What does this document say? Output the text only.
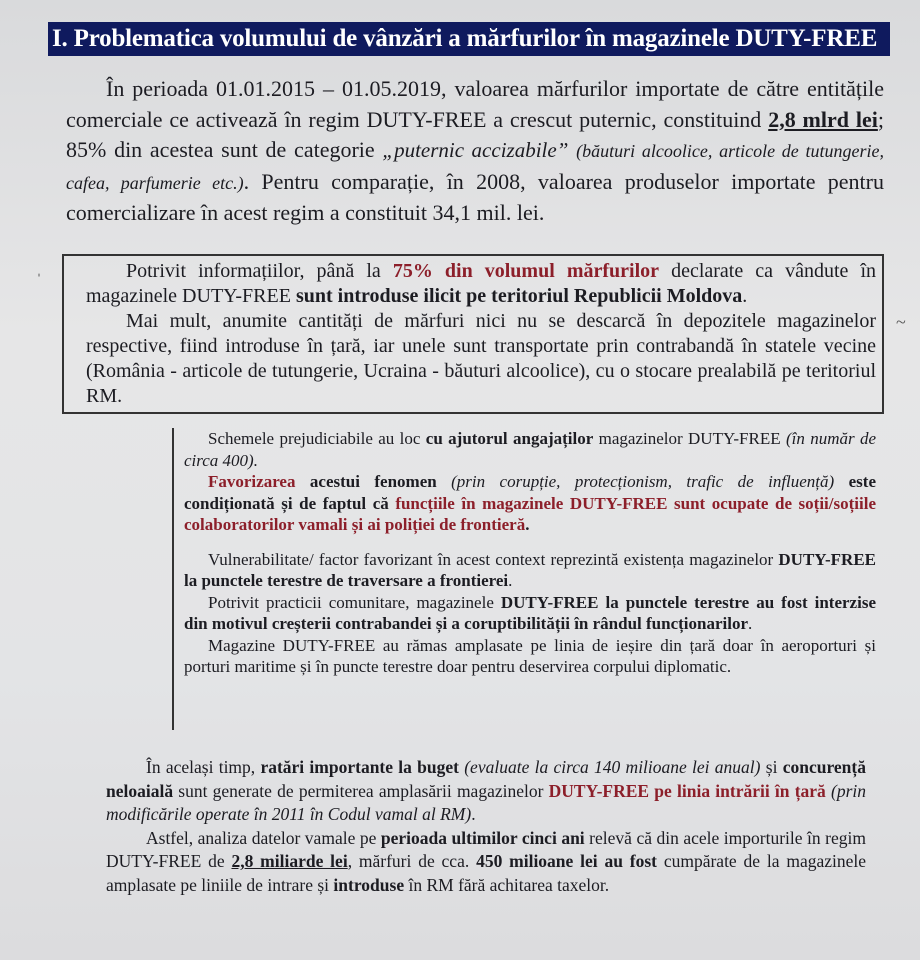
I. Problematica volumului de vânzări a mărfurilor în magazinele DUTY-FREE
În perioada 01.01.2015 – 01.05.2019, valoarea mărfurilor importate de către entitățile comerciale ce activează în regim DUTY-FREE a crescut puternic, constituind 2,8 mlrd lei; 85% din acestea sunt de categorie „puternic accizabile” (băuturi alcoolice, articole de tutungerie, cafea, parfumerie etc.). Pentru comparație, în 2008, valoarea produselor importate pentru comercializare în acest regim a constituit 34,1 mil. lei.
ˈ
~

Potrivit informațiilor, până la 75% din volumul mărfurilor declarate ca vândute în magazinele DUTY-FREE sunt introduse ilicit pe teritoriul Republicii Moldova.

Mai mult, anumite cantități de mărfuri nici nu se descarcă în depozitele magazinelor respective, fiind introduse în țară, iar unele sunt transportate prin contrabandă în statele vecine (România - articole de tutungerie, Ucraina - băuturi alcoolice), cu o stocare prealabilă pe teritoriul RM.

Schemele prejudiciabile au loc cu ajutorul angajaților magazinelor DUTY-FREE (în număr de circa 400).

Favorizarea acestui fenomen (prin corupție, protecționism, trafic de influență) este condiționată și de faptul că funcțiile în magazinele DUTY-FREE sunt ocupate de soții/soțiile colaboratorilor vamali și ai poliției de frontieră.

Vulnerabilitate/ factor favorizant în acest context reprezintă existența magazinelor DUTY-FREE la punctele terestre de traversare a frontierei.

Potrivit practicii comunitare, magazinele DUTY-FREE la punctele terestre au fost interzise din motivul creșterii contrabandei și a coruptibilității în rândul funcționarilor.

Magazine DUTY-FREE au rămas amplasate pe linia de ieșire din țară doar în aeroporturi și porturi maritime și în puncte terestre doar pentru deservirea corpului diplomatic.

În același timp, ratări importante la buget (evaluate la circa 140 milioane lei anual) și concurență neloaială sunt generate de permiterea amplasării magazinelor DUTY-FREE pe linia intrării în țară (prin modificările operate în 2011 în Codul vamal al RM).

Astfel, analiza datelor vamale pe perioada ultimilor cinci ani relevă că din acele importurile în regim DUTY-FREE de 2,8 miliarde lei, mărfuri de cca. 450 milioane lei au fost cumpărate de la magazinele amplasate pe liniile de intrare și introduse în RM fără achitarea taxelor.
